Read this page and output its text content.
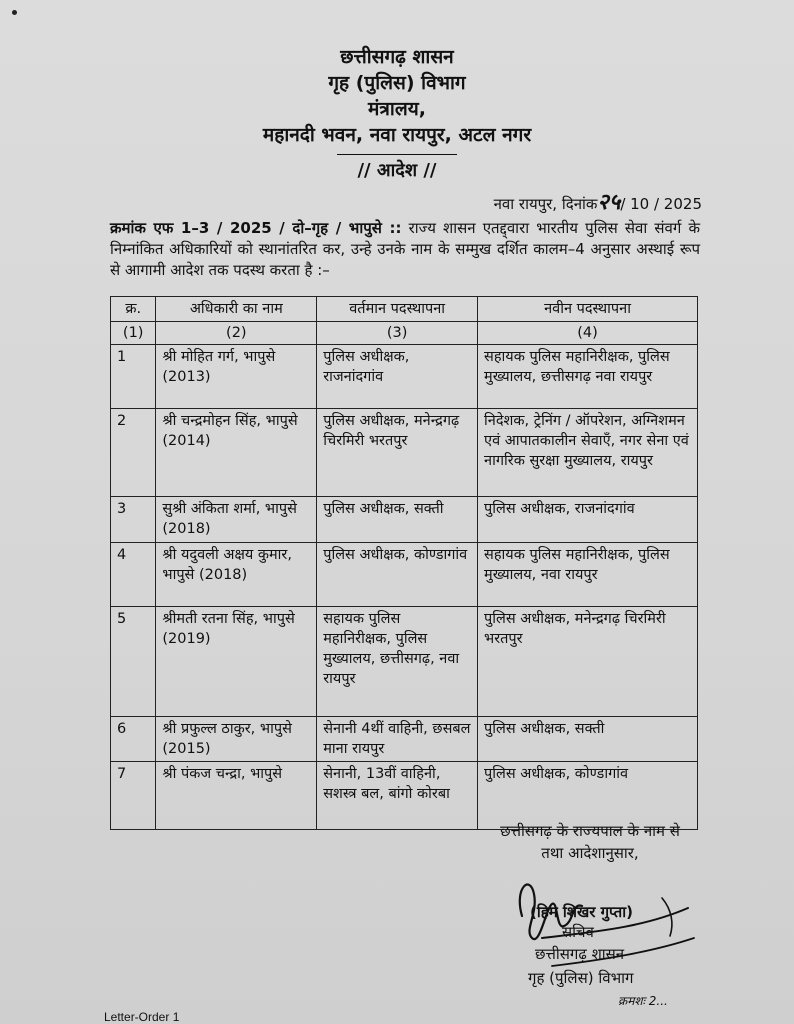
छत्तीसगढ़ शासन
गृह (पुलिस) विभाग
मंत्रालय,
महानदी भवन, नवा रायपुर, अटल नगर
// आदेश //
नवा रायपुर, दिनांक२५/ 10 / 2025
क्रमांक एफ 1–3 / 2025 / दो–गृह / भापुसे :: राज्य शासन एतद्द्वारा भारतीय पुलिस सेवा संवर्ग के निम्नांकित अधिकारियों को स्थानांतरित कर, उन्हे उनके नाम के सम्मुख दर्शित कालम–4 अनुसार अस्थाई रूप से आगामी आदेश तक पदस्थ करता है :–
क्र.	अधिकारी का नाम	वर्तमान पदस्थापना	नवीन पदस्थापना
(1)	(2)	(3)	(4)
1	श्री मोहित गर्ग, भापुसे (2013)	पुलिस अधीक्षक, राजनांदगांव	सहायक पुलिस महानिरीक्षक, पुलिस मुख्यालय, छत्तीसगढ़ नवा रायपुर
2	श्री चन्द्रमोहन सिंह, भापुसे (2014)	पुलिस अधीक्षक, मनेन्द्रगढ़ चिरमिरी भरतपुर	निदेशक, ट्रेनिंग / ऑपरेशन, अग्निशमन एवं आपातकालीन सेवाएँ, नगर सेना एवं नागरिक सुरक्षा मुख्यालय, रायपुर
3	सुश्री अंकिता शर्मा, भापुसे (2018)	पुलिस अधीक्षक, सक्ती	पुलिस अधीक्षक, राजनांदगांव
4	श्री यदुवली अक्षय कुमार, भापुसे (2018)	पुलिस अधीक्षक, कोण्डागांव	सहायक पुलिस महानिरीक्षक, पुलिस मुख्यालय, नवा रायपुर
5	श्रीमती रतना सिंह, भापुसे (2019)	सहायक पुलिस महानिरीक्षक, पुलिस मुख्यालय, छत्तीसगढ़, नवा रायपुर	पुलिस अधीक्षक, मनेन्द्रगढ़ चिरमिरी भरतपुर
6	श्री प्रफुल्ल ठाकुर, भापुसे (2015)	सेनानी 4थीं वाहिनी, छसबल माना रायपुर	पुलिस अधीक्षक, सक्ती
7	श्री पंकज चन्द्रा, भापुसे	सेनानी, 13वीं वाहिनी, सशस्त्र बल, बांगो कोरबा	पुलिस अधीक्षक, कोण्डागांव
छत्तीसगढ़ के राज्यपाल के नाम से
तथा आदेशानुसार,
(हिम शिखर गुप्ता)
सचिव
छत्तीसगढ़ शासन
गृह (पुलिस) विभाग
क्रमशः 2...
Letter-Order 1
